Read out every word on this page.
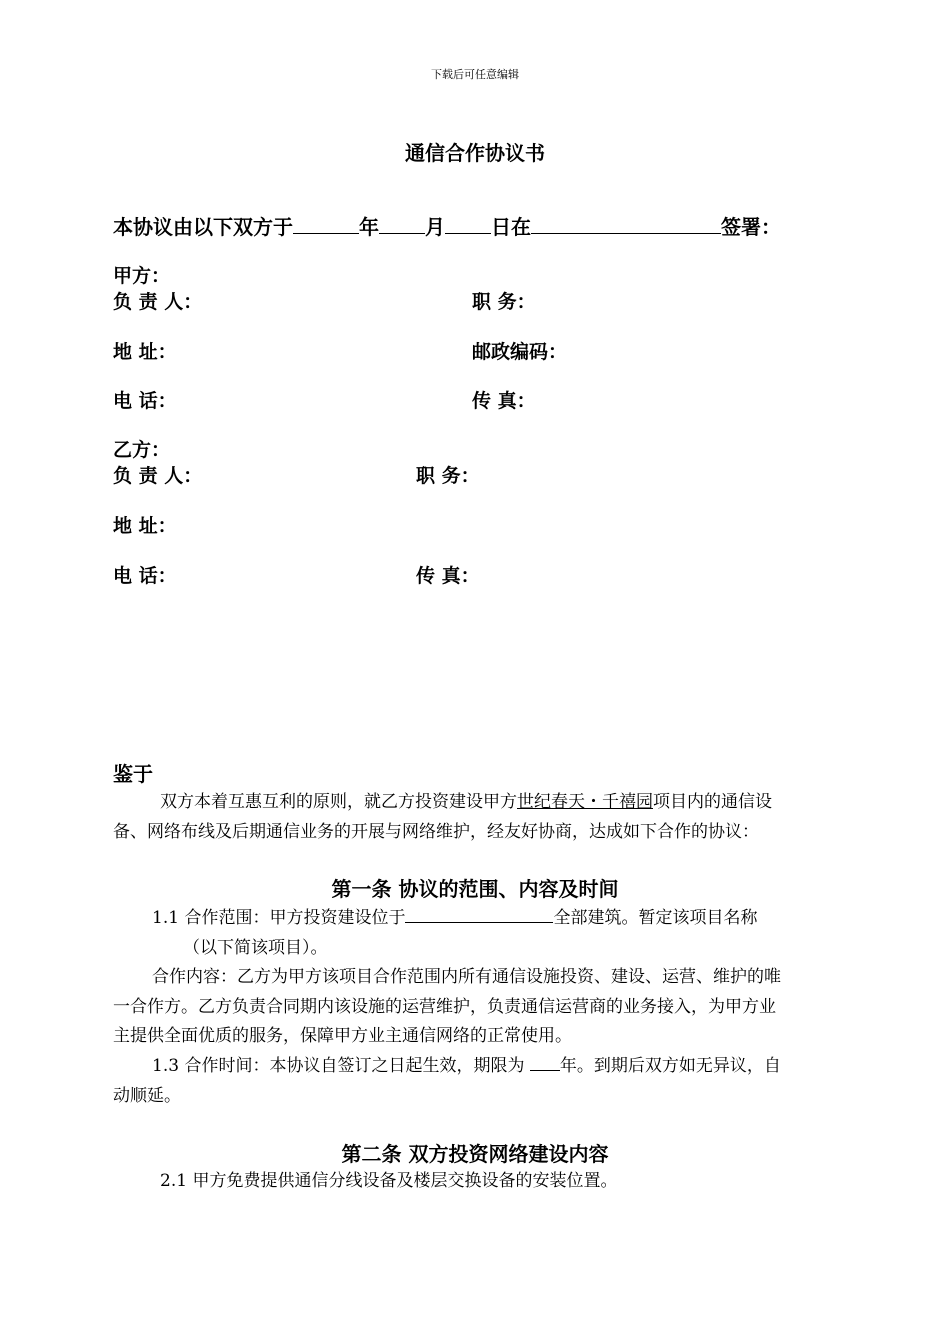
下载后可任意编辑
通信合作协议书
本协议由以下双方于	年 月 日在	签署：
甲方：
负 责 人：	职 务：
地 址：	邮政编码：
电 话：	传 真：
乙方：
负 责 人：	职 务：
地 址：
电 话：	传 真：
鉴于
双方本着互惠互利的原则，就乙方投资建设甲方世纪春天・千禧园项目内的通信设
备、网络布线及后期通信业务的开展与网络维护，经友好协商，达成如下合作的协议：
第一条 协议的范围、内容及时间
1.1 合作范围：甲方投资建设位于	全部建筑。暂定该项目名称
（以下简该项目）。
合作内容：乙方为甲方该项目合作范围内所有通信设施投资、建设、运营、维护的唯
一合作方。乙方负责合同期内该设施的运营维护，负责通信运营商的业务接入，为甲方业
主提供全面优质的服务，保障甲方业主通信网络的正常使用。
1.3 合作时间：本协议自签订之日起生效，期限为 年。到期后双方如无异议，自
动顺延。
第二条 双方投资网络建设内容
2.1 甲方免费提供通信分线设备及楼层交换设备的安装位置。
